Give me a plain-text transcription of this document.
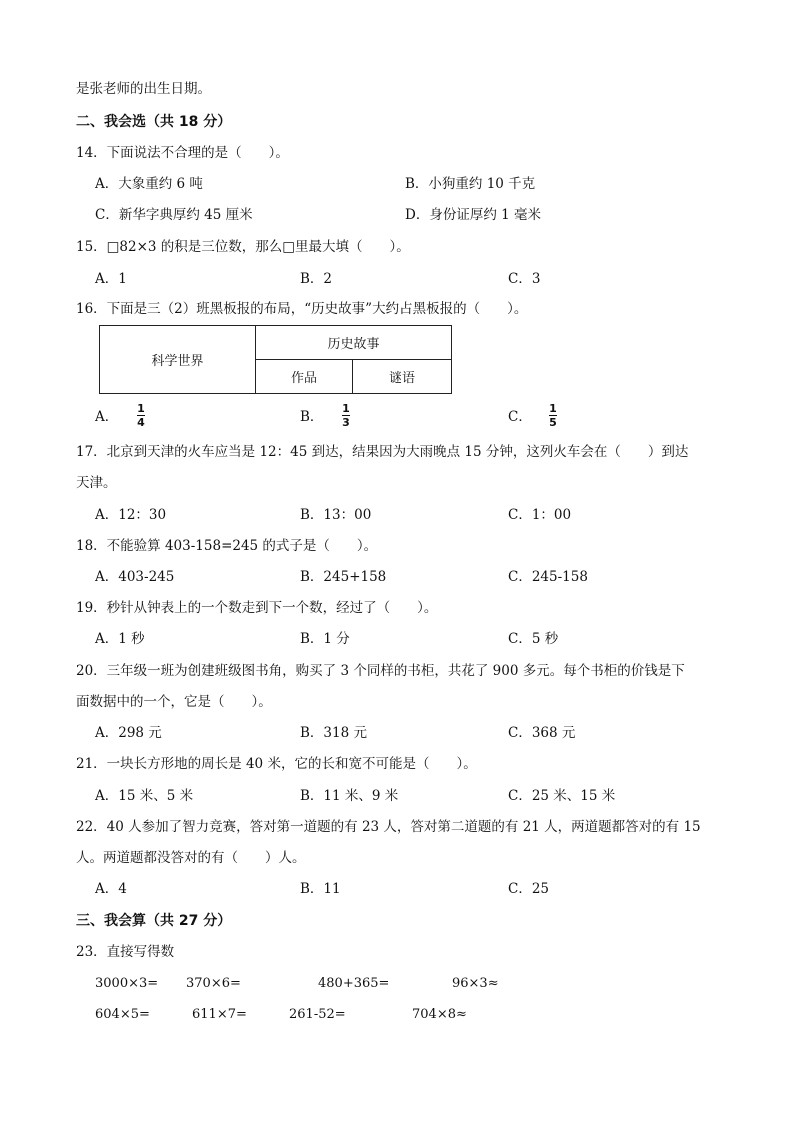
是张老师的出生日期。
二、我会选（共 18 分）
14．下面说法不合理的是（　　）。
A．大象重约 6 吨	B．小狗重约 10 千克
C．新华字典厚约 45 厘米	D．身份证厚约 1 毫米
15．□82×3 的积是三位数，那么□里最大填（　　）。
A．1	B．2	C．3
16．下面是三（2）班黑板报的布局，“历史故事”大约占黑板报的（　　）。
科学世界	历史故事	
	作品	谜语
A．
1
4	B．
1
3	C．
1
5
17．北京到天津的火车应当是 12：45 到达，结果因为大雨晚点 15 分钟，这列火车会在（　　）到达
天津。
A．12：30	B．13：00	C．1：00
18．不能验算 403-158=245 的式子是（　　）。
A．403-245	B．245+158	C．245-158
19．秒针从钟表上的一个数走到下一个数，经过了（　　）。
A．1 秒	B．1 分	C．5 秒
20．三年级一班为创建班级图书角，购买了 3 个同样的书柜，共花了 900 多元。每个书柜的价钱是下
面数据中的一个，它是（　　）。
A．298 元	B．318 元	C．368 元
21．一块长方形地的周长是 40 米，它的长和宽不可能是（　　）。
A．15 米、5 米	B．11 米、9 米	C．25 米、15 米
22．40 人参加了智力竞赛，答对第一道题的有 23 人，答对第二道题的有 21 人，两道题都答对的有 15
人。两道题都没答对的有（　　）人。
A．4	B．11	C．25
三、我会算（共 27 分）
23．直接写得数
3000×3= 370×6=	480+365=	96×3≈
604×5=	611×7=	261-52=	704×8≈
